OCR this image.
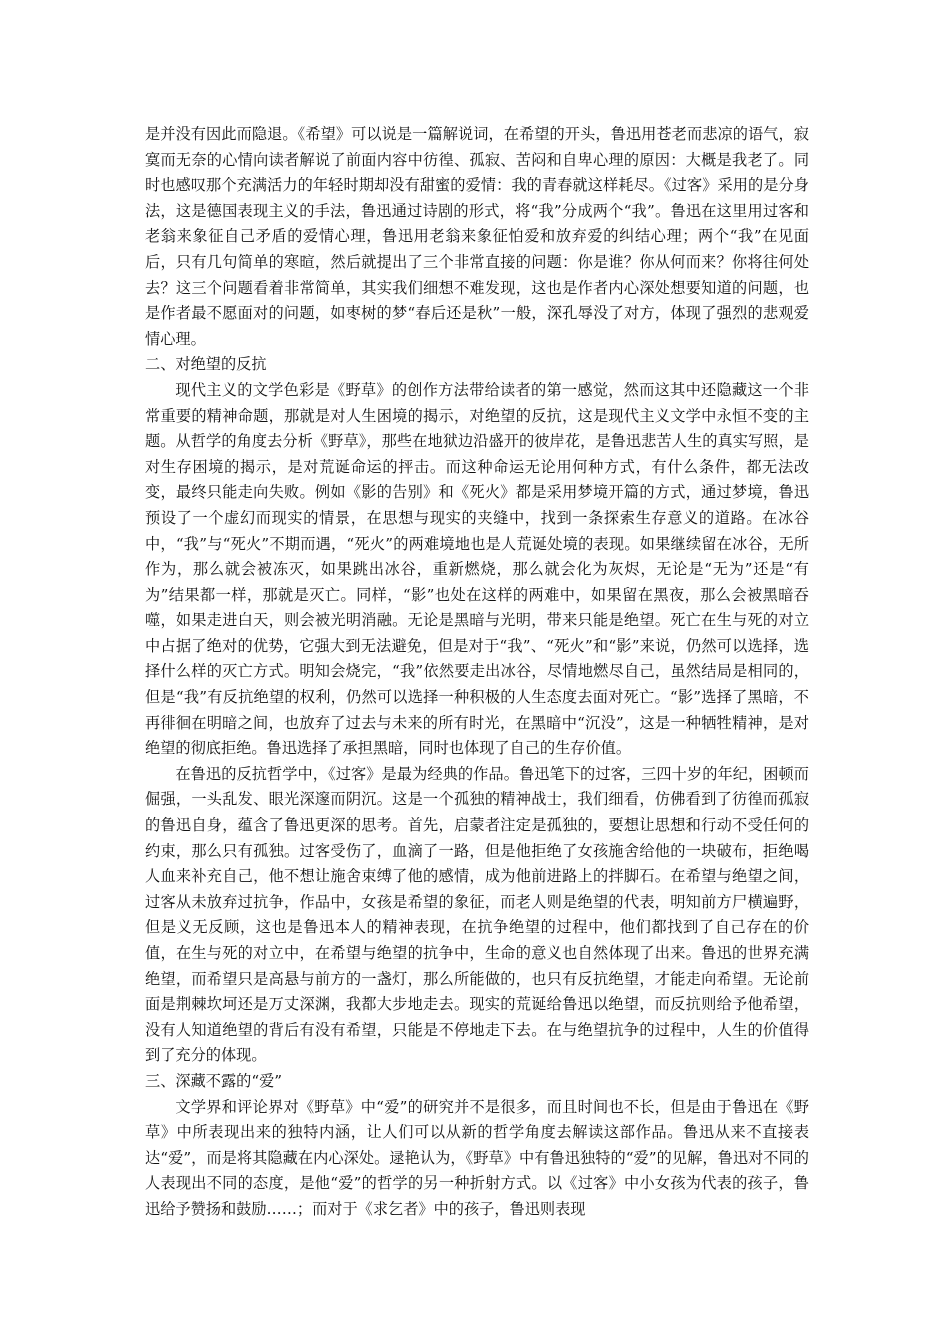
是并没有因此而隐退。《希望》可以说是一篇解说词，在希望的开头，鲁迅用苍老而悲凉的语气，寂寞而无奈的心情向读者解说了前面内容中彷徨、孤寂、苦闷和自卑心理的原因：大概是我老了。同时也感叹那个充满活力的年轻时期却没有甜蜜的爱情：我的青春就这样耗尽。《过客》采用的是分身法，这是德国表现主义的手法，鲁迅通过诗剧的形式，将“我”分成两个“我”。鲁迅在这里用过客和老翁来象征自己矛盾的爱情心理，鲁迅用老翁来象征怕爱和放弃爱的纠结心理；两个“我”在见面后，只有几句简单的寒暄，然后就提出了三个非常直接的问题：你是谁？你从何而来？你将往何处去？这三个问题看着非常简单，其实我们细想不难发现，这也是作者内心深处想要知道的问题，也是作者最不愿面对的问题，如枣树的梦“春后还是秋”一般，深孔辱没了对方，体现了强烈的悲观爱情心理。

二、对绝望的反抗

现代主义的文学色彩是《野草》的创作方法带给读者的第一感觉，然而这其中还隐藏这一个非常重要的精神命题，那就是对人生困境的揭示，对绝望的反抗，这是现代主义文学中永恒不变的主题。从哲学的角度去分析《野草》，那些在地狱边沿盛开的彼岸花，是鲁迅悲苦人生的真实写照，是对生存困境的揭示，是对荒诞命运的抨击。而这种命运无论用何种方式，有什么条件，都无法改变，最终只能走向失败。例如《影的告别》和《死火》都是采用梦境开篇的方式，通过梦境，鲁迅预设了一个虚幻而现实的情景，在思想与现实的夹缝中，找到一条探索生存意义的道路。在冰谷中，“我”与“死火”不期而遇，“死火”的两难境地也是人荒诞处境的表现。如果继续留在冰谷，无所作为，那么就会被冻灭，如果跳出冰谷，重新燃烧，那么就会化为灰烬，无论是“无为”还是“有为”结果都一样，那就是灭亡。同样，“影”也处在这样的两难中，如果留在黑夜，那么会被黑暗吞噬，如果走进白天，则会被光明消融。无论是黑暗与光明，带来只能是绝望。死亡在生与死的对立中占据了绝对的优势，它强大到无法避免，但是对于“我”、“死火”和“影”来说，仍然可以选择，选择什么样的灭亡方式。明知会烧完，“我”依然要走出冰谷，尽情地燃尽自己，虽然结局是相同的，但是“我”有反抗绝望的权利，仍然可以选择一种积极的人生态度去面对死亡。“影”选择了黑暗，不再徘徊在明暗之间，也放弃了过去与未来的所有时光，在黑暗中“沉没”，这是一种牺牲精神，是对绝望的彻底拒绝。鲁迅选择了承担黑暗，同时也体现了自己的生存价值。

在鲁迅的反抗哲学中，《过客》是最为经典的作品。鲁迅笔下的过客，三四十岁的年纪，困顿而倔强，一头乱发、眼光深邃而阴沉。这是一个孤独的精神战士，我们细看，仿佛看到了彷徨而孤寂的鲁迅自身，蕴含了鲁迅更深的思考。首先，启蒙者注定是孤独的，要想让思想和行动不受任何的约束，那么只有孤独。过客受伤了，血滴了一路，但是他拒绝了女孩施舍给他的一块破布，拒绝喝人血来补充自己，他不想让施舍束缚了他的感情，成为他前进路上的拌脚石。在希望与绝望之间，过客从未放弃过抗争，作品中，女孩是希望的象征，而老人则是绝望的代表，明知前方尸横遍野，但是义无反顾，这也是鲁迅本人的精神表现，在抗争绝望的过程中，他们都找到了自己存在的价值，在生与死的对立中，在希望与绝望的抗争中，生命的意义也自然体现了出来。鲁迅的世界充满绝望，而希望只是高悬与前方的一盏灯，那么所能做的，也只有反抗绝望，才能走向希望。无论前面是荆棘坎坷还是万丈深渊，我都大步地走去。现实的荒诞给鲁迅以绝望，而反抗则给予他希望，没有人知道绝望的背后有没有希望，只能是不停地走下去。在与绝望抗争的过程中，人生的价值得到了充分的体现。

三、深藏不露的“爱”

文学界和评论界对《野草》中“爱”的研究并不是很多，而且时间也不长，但是由于鲁迅在《野草》中所表现出来的独特内涵，让人们可以从新的哲学角度去解读这部作品。鲁迅从来不直接表达“爱”，而是将其隐藏在内心深处。逯艳认为，《野草》中有鲁迅独特的“爱”的见解，鲁迅对不同的人表现出不同的态度，是他“爱”的哲学的另一种折射方式。以《过客》中小女孩为代表的孩子，鲁迅给予赞扬和鼓励……；而对于《求乞者》中的孩子，鲁迅则表现
